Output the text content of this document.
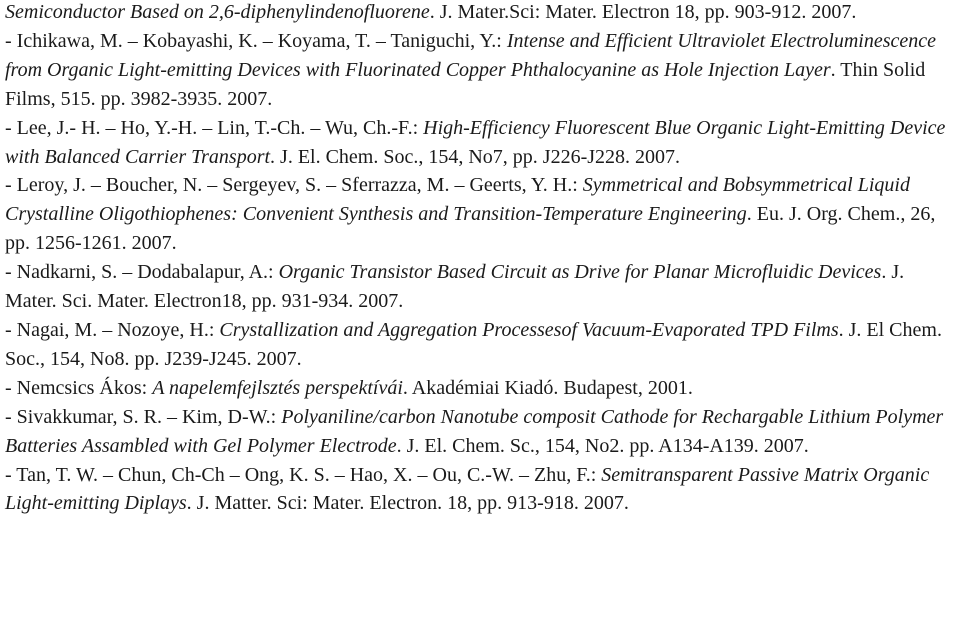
Semiconductor Based on 2,6-diphenylindenofluorene. J. Mater.Sci: Mater. Electron 18, pp. 903-912. 2007.

- Ichikawa, M. – Kobayashi, K. – Koyama, T. – Taniguchi, Y.: Intense and Efficient Ultraviolet Electroluminescence from Organic Light-emitting Devices with Fluorinated Copper Phthalocyanine as Hole Injection Layer. Thin Solid Films, 515. pp. 3982-3935. 2007.

- Lee, J.- H. – Ho, Y.-H. – Lin, T.-Ch. – Wu, Ch.-F.: High-Efficiency Fluorescent Blue Organic Light-Emitting Device with Balanced Carrier Transport. J. El. Chem. Soc., 154, No7, pp. J226-J228. 2007.

- Leroy, J. – Boucher, N. – Sergeyev, S. – Sferrazza, M. – Geerts, Y. H.: Symmetrical and Bobsymmetrical Liquid Crystalline Oligothiophenes: Convenient Synthesis and Transition-Temperature Engineering. Eu. J. Org. Chem., 26, pp. 1256-1261. 2007.

- Nadkarni, S. – Dodabalapur, A.: Organic Transistor Based Circuit as Drive for Planar Microfluidic Devices. J. Mater. Sci. Mater. Electron18, pp. 931-934. 2007.

- Nagai, M. – Nozoye, H.: Crystallization and Aggregation Processesof Vacuum-Evaporated TPD Films. J. El Chem. Soc., 154, No8. pp. J239-J245. 2007.

- Nemcsics Ákos: A napelemfejlsztés perspektívái. Akadémiai Kiadó. Budapest, 2001.

- Sivakkumar, S. R. – Kim, D-W.: Polyaniline/carbon Nanotube composit Cathode for Rechargable Lithium Polymer Batteries Assambled with Gel Polymer Electrode. J. El. Chem. Sc., 154, No2. pp. A134-A139. 2007.

- Tan, T. W. – Chun, Ch-Ch – Ong, K. S. – Hao, X. – Ou, C.-W. – Zhu, F.: Semitransparent Passive Matrix Organic Light-emitting Diplays. J. Matter. Sci: Mater. Electron. 18, pp. 913-918. 2007.
